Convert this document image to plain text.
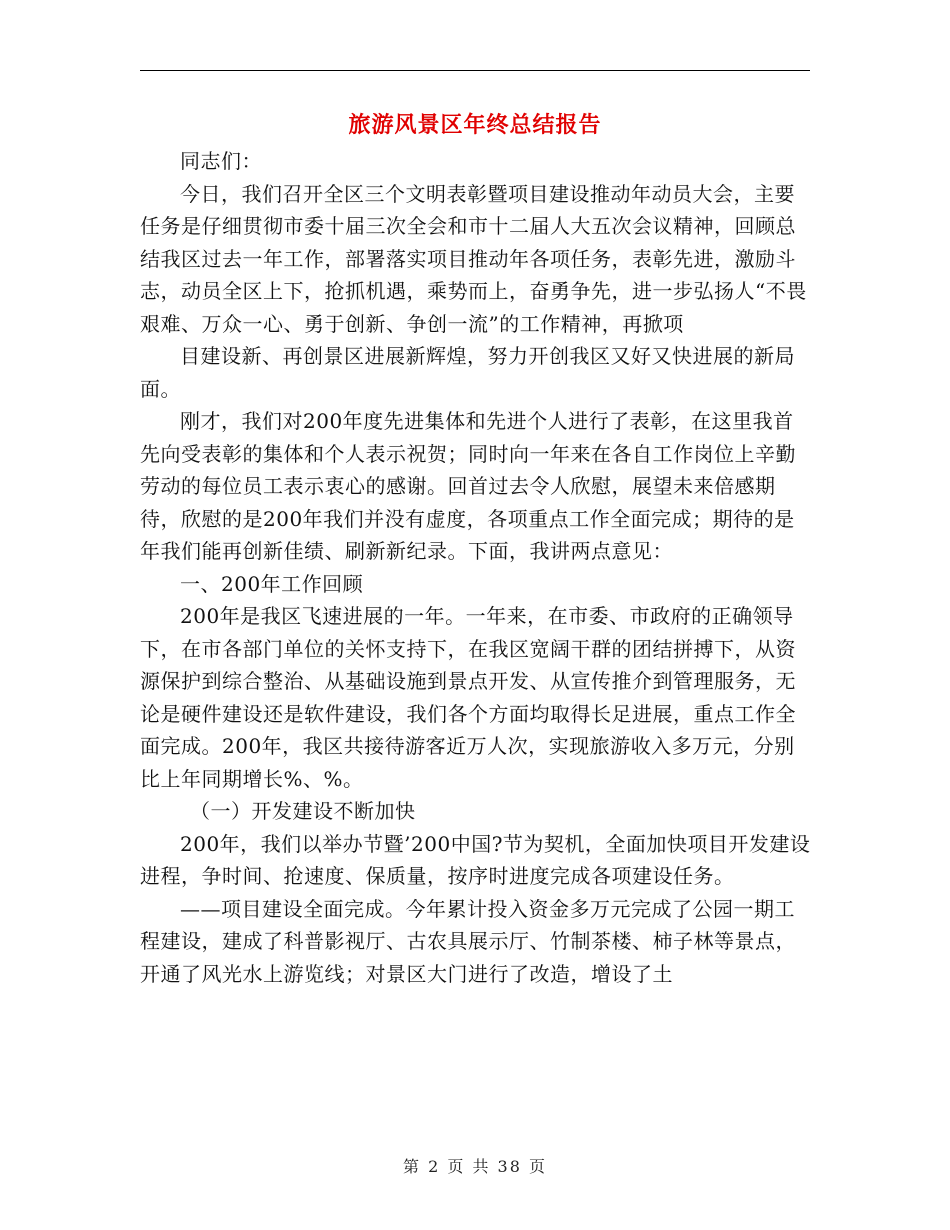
旅游风景区年终总结报告

同志们：

今日，我们召开全区三个文明表彰暨项目建设推动年动员大会，主要任务是仔细贯彻市委十届三次全会和市十二届人大五次会议精神，回顾总结我区过去一年工作，部署落实项目推动年各项任务，表彰先进，激励斗志，动员全区上下，抢抓机遇，乘势而上，奋勇争先，进一步弘扬人“不畏艰难、万众一心、勇于创新、争创一流”的工作精神，再掀项

目建设新、再创景区进展新辉煌，努力开创我区又好又快进展的新局面。

刚才，我们对200年度先进集体和先进个人进行了表彰，在这里我首先向受表彰的集体和个人表示祝贺；同时向一年来在各自工作岗位上辛勤劳动的每位员工表示衷心的感谢。回首过去令人欣慰，展望未来倍感期待，欣慰的是200年我们并没有虚度，各项重点工作全面完成；期待的是年我们能再创新佳绩、刷新新纪录。下面，我讲两点意见：

一、200年工作回顾

200年是我区飞速进展的一年。一年来，在市委、市政府的正确领导下，在市各部门单位的关怀支持下，在我区宽阔干群的团结拼搏下，从资源保护到综合整治、从基础设施到景点开发、从宣传推介到管理服务，无论是硬件建设还是软件建设，我们各个方面均取得长足进展，重点工作全面完成。200年，我区共接待游客近万人次，实现旅游收入多万元，分别比上年同期增长%、%。

（一）开发建设不断加快

200年，我们以举办节暨’200中国?节为契机，全面加快项目开发建设进程，争时间、抢速度、保质量，按序时进度完成各项建设任务。

——项目建设全面完成。今年累计投入资金多万元完成了公园一期工程建设，建成了科普影视厅、古农具展示厅、竹制茶楼、柿子林等景点，开通了风光水上游览线；对景区大门进行了改造，增设了土

第 2 页 共 38 页
